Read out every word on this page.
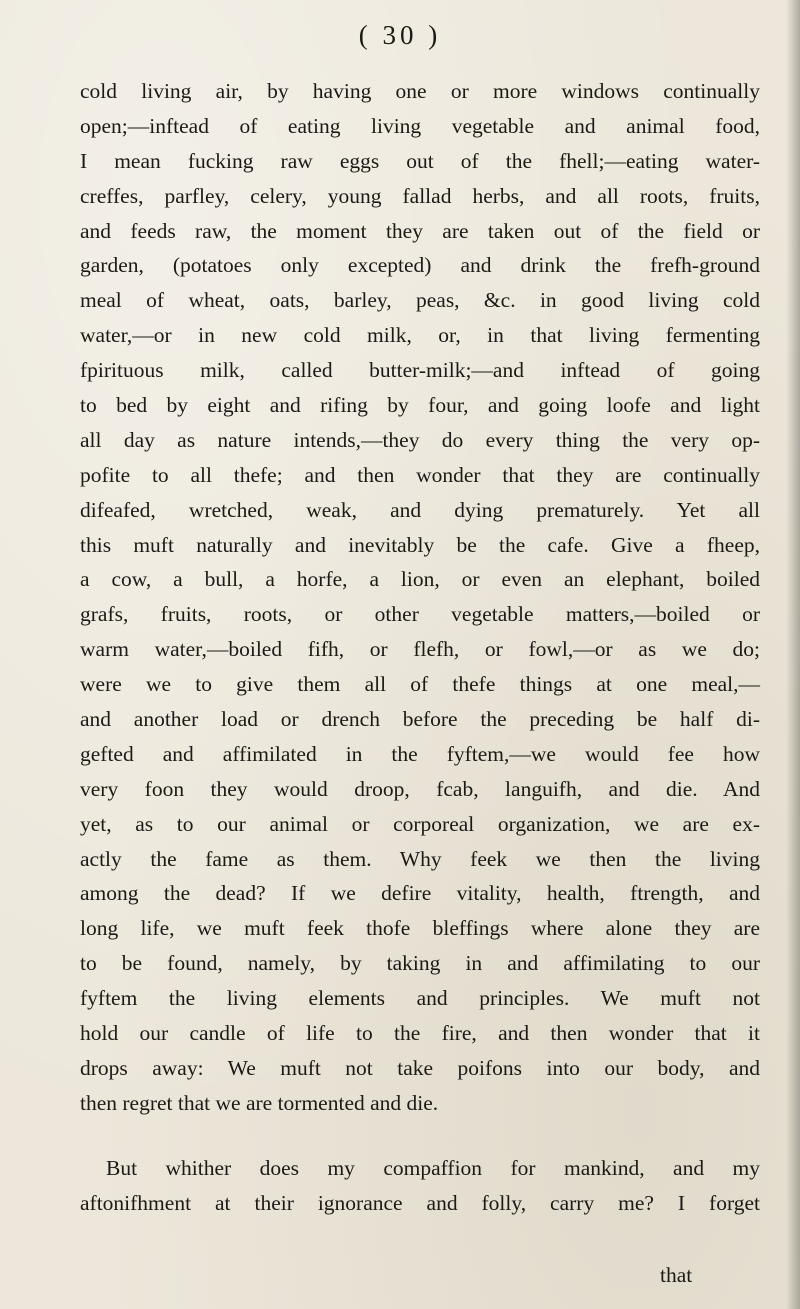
( 30 )
cold living air, by having one or more windows continually
open;—inftead of eating living vegetable and animal food,
I mean fucking raw eggs out of the fhell;—eating water-
creffes, parfley, celery, young fallad herbs, and all roots, fruits,
and feeds raw, the moment they are taken out of the field or
garden, (potatoes only excepted) and drink the frefh-ground
meal of wheat, oats, barley, peas, &c. in good living cold
water,—or in new cold milk, or, in that living fermenting
fpirituous milk, called butter-milk;—and inftead of going
to bed by eight and rifing by four, and going loofe and light
all day as nature intends,—they do every thing the very op-
pofite to all thefe; and then wonder that they are continually
difeafed, wretched, weak, and dying prematurely. Yet all
this muft naturally and inevitably be the cafe. Give a fheep,
a cow, a bull, a horfe, a lion, or even an elephant, boiled
grafs, fruits, roots, or other vegetable matters,—boiled or
warm water,—boiled fifh, or flefh, or fowl,—or as we do;
were we to give them all of thefe things at one meal,—
and another load or drench before the preceding be half di-
gefted and affimilated in the fyftem,—we would fee how
very foon they would droop, fcab, languifh, and die. And
yet, as to our animal or corporeal organization, we are ex-
actly the fame as them. Why feek we then the living
among the dead? If we defire vitality, health, ftrength, and
long life, we muft feek thofe bleffings where alone they are
to be found, namely, by taking in and affimilating to our
fyftem the living elements and principles. We muft not
hold our candle of life to the fire, and then wonder that it
drops away: We muft not take poifons into our body, and
then regret that we are tormented and die.
But whither does my compaffion for mankind, and my
aftonifhment at their ignorance and folly, carry me? I forget
that
